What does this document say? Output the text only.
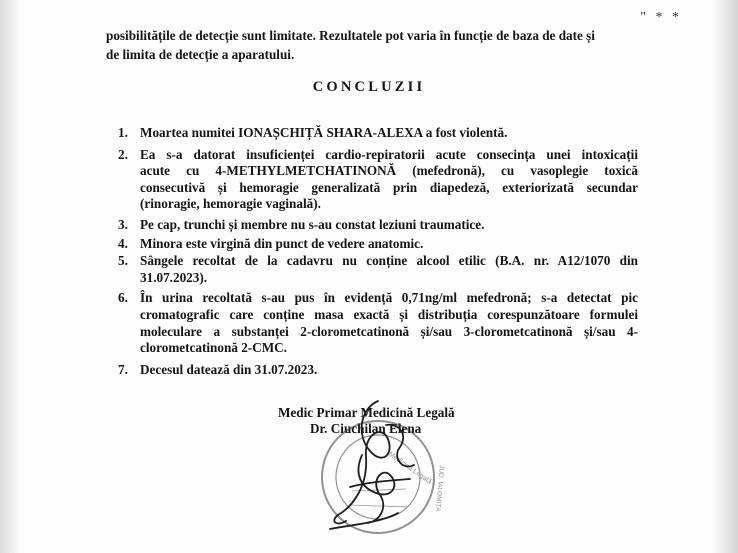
" * *

posibilitățile de detecție sunt limitate. Rezultatele pot varia în funcție de baza de date și
de limita de detecție a aparatului.

CONCLUZII
1. Moartea numitei IONAȘCHIȚĂ SHARA-ALEXA a fost violentă.
2. Ea s-a datorat insuficienței cardio-repiratorii acute consecința unei intoxicații
acute cu 4-METHYLMETCHATINONĂ (mefedronă), cu vasoplegie toxică
consecutivă și hemoragie generalizată prin diapedeză, exteriorizată secundar
(rinoragie, hemoragie vaginală).
3. Pe cap, trunchi și membre nu s-au constat leziuni traumatice.
4. Minora este virgină din punct de vedere anatomic.
5. Sângele recoltat de la cadavru nu conține alcool etilic (B.A. nr. A12/1070 din
31.07.2023).
6. În urina recoltată s-au pus în evidență 0,71ng/ml mefedronă; s-a detectat pic
cromatografic care conține masa exactă și distribuția corespunzătoare formulei
moleculare a substanței 2-clorometcatinonă și/sau 3-clorometcatinonă și/sau 4-
clorometcatinonă 2-CMC.
7. Decesul datează din 31.07.2023.
Medic Primar Medicină Legală
Dr. Ciuchilan Elena
Medicină Legală JUD. IALOMIȚA
